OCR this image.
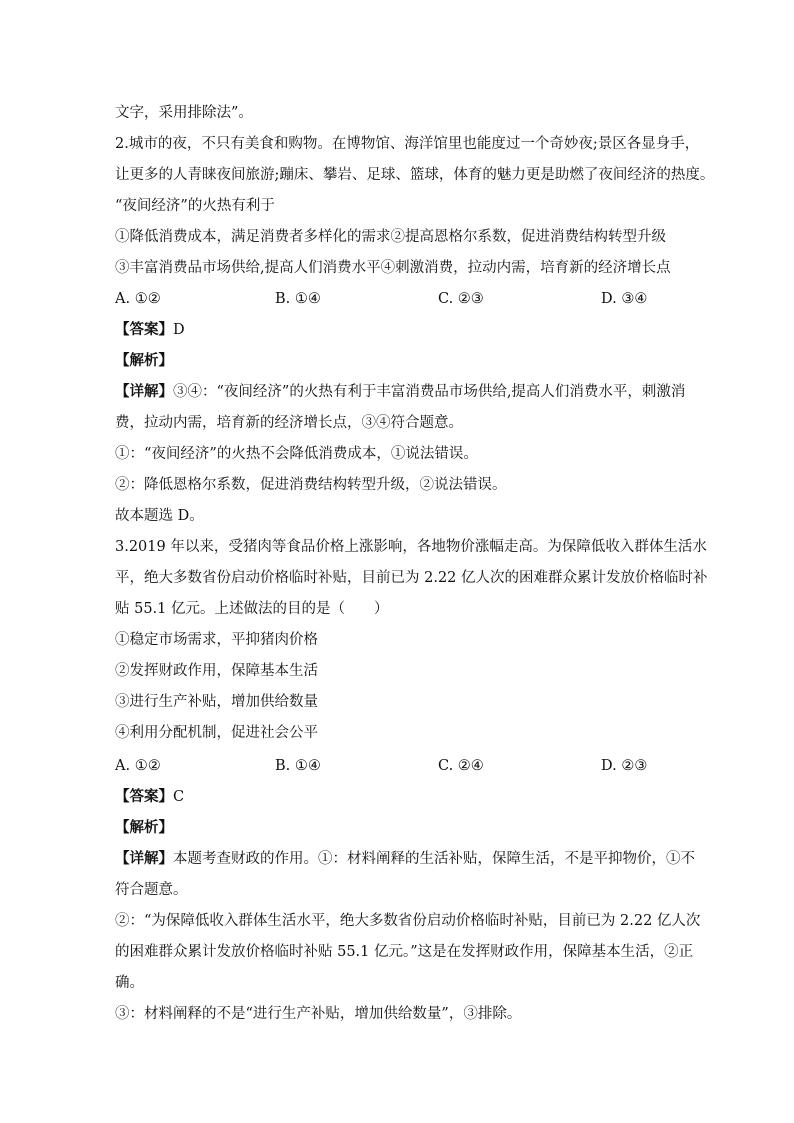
文字，采用排除法”。
2.城市的夜，不只有美食和购物。在博物馆、海洋馆里也能度过一个奇妙夜;景区各显身手，
让更多的人青睐夜间旅游;蹦床、攀岩、足球、篮球，体育的魅力更是助燃了夜间经济的热度。
“夜间经济”的火热有利于
①降低消费成本，满足消费者多样化的需求②提高恩格尔系数，促进消费结构转型升级
③丰富消费品市场供给,提高人们消费水平④刺激消费，拉动内需，培育新的经济增长点
A. ①②	B. ①④	C. ②③	D. ③④
【答案】D
【解析】
【详解】③④：“夜间经济”的火热有利于丰富消费品市场供给,提高人们消费水平，刺激消
费，拉动内需，培育新的经济增长点，③④符合题意。
①：“夜间经济”的火热不会降低消费成本，①说法错误。
②：降低恩格尔系数，促进消费结构转型升级，②说法错误。
故本题选 D。
3.2019 年以来，受猪肉等食品价格上涨影响，各地物价涨幅走高。为保障低收入群体生活水
平，绝大多数省份启动价格临时补贴，目前已为 2.22 亿人次的困难群众累计发放价格临时补
贴 55.1 亿元。上述做法的目的是（　　）
①稳定市场需求，平抑猪肉价格
②发挥财政作用，保障基本生活
③进行生产补贴，增加供给数量
④利用分配机制，促进社会公平
A. ①②	B. ①④	C. ②④	D. ②③
【答案】C
【解析】
【详解】本题考查财政的作用。①：材料阐释的生活补贴，保障生活，不是平抑物价，①不
符合题意。
②：“为保障低收入群体生活水平，绝大多数省份启动价格临时补贴，目前已为 2.22 亿人次
的困难群众累计发放价格临时补贴 55.1 亿元。”这是在发挥财政作用，保障基本生活，②正
确。
③：材料阐释的不是“进行生产补贴，增加供给数量”，③排除。
